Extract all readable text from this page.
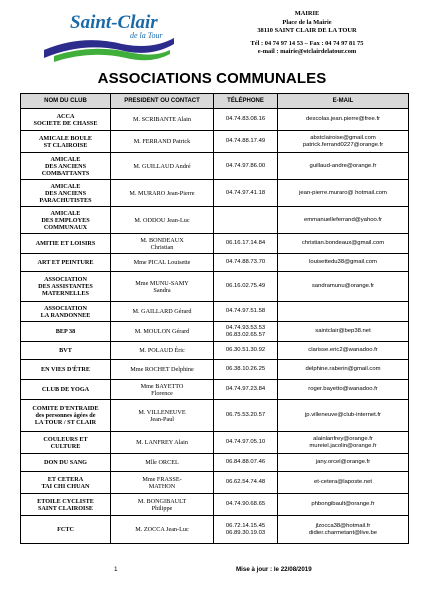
Saint-Clair
de la Tour
MAIRIE
Place de la Mairie
38110 SAINT CLAIR DE LA TOUR
Tél : 04 74 97 14 53 – Fax : 04 74 97 81 75
e-mail : mairie@stclairdelatour.com
ASSOCIATIONS COMMUNALES
NOM DU CLUB	PRESIDENT OU CONTACT	TÉLÉPHONE	E-MAIL

ACCA
SOCIETE DE CHASSE	M. SCRIBANTE Alain	04.74.83.08.16	descolas.jean.pierre@free.fr

AMICALE BOULE
ST CLAIROISE	M. FERRAND Patrick	04.74.88.17.49	abstclairoise@gmail.com
patrick.ferrand0227@orange.fr

AMICALE
DES ANCIENS
COMBATTANTS	M. GUILLAUD André	04.74.97.86.00	guillaud-andre@orange.fr

AMICALE
DES ANCIENS
PARACHUTISTES	M. MURARO Jean-Pierre	04.74.97.41.18	jean-pierre.muraro@ hotmail.com

AMICALE
DES EMPLOYES
COMMUNAUX	M. ODDOU Jean-Luc		emmanuelleferrand@yahoo.fr

AMITIE ET LOISIRS	M. BONDEAUX
Christian	06.16.17.14.84	christian.bondeaux@gmail.com

ART ET PEINTURE	Mme PICAL Louisette	04.74.88.73.70	louisettedu38@gmail.com

ASSOCIATION
DES ASSISTANTES
MATERNELLES	Mme MUNU-SAMY
Sandra	06.16.02.75.49	sandramunu@orange.fr

ASSOCIATION
LA RANDONNEE	M. GAILLARD Gérard	04.74.97.51.58	

BEP 38	M. MOULON Gérard	04.74.93.53.53
06.83.02.65.57	saintclair@bep38.net

BVT	M. POLAUD Éric	06.30.51.30.92	clarisse.eric2@wanadoo.fr

EN VIES D'ÊTRE	Mme ROCHET Delphine	06.38.10.26.25	delphine.raberin@gmail.com

CLUB DE YOGA	Mme BAYETTO
Florence	04.74.97.23.84	roger.bayetto@wanadoo.fr

COMITE D'ENTRAIDE
des personnes âgées de
LA TOUR / ST CLAIR	M. VILLENEUVE
Jean-Paul	06.75.53.20.57	jp.villeneuve@club-internet.fr

COULEURS ET
CULTURE	M. LANFREY Alain	04.74.97.05.10	alainlanfrey@orange.fr
mureiel.jacolin@orange.fr

DON DU SANG	Mlle ORCEL	06.84.88.07.46	jany.orcel@orange.fr

ET CETERA
TAI CHI CHUAN	Mme FRASSE-
MATHON	06.62.54.74.48	et-cetera@laposte.net

ETOILE CYCLISTE
SAINT CLAIROISE	M. BONGIBAULT
Philippe	04.74.90.68.65	phbongibault@orange.fr

FCTC	M. ZOCCA Jean-Luc	06.72.14.15.45
06.89.30.19.03	jlzocca38@hotmail.fr
didier.charmetant@live.be
1	Mise à jour : le 22/08/2019
